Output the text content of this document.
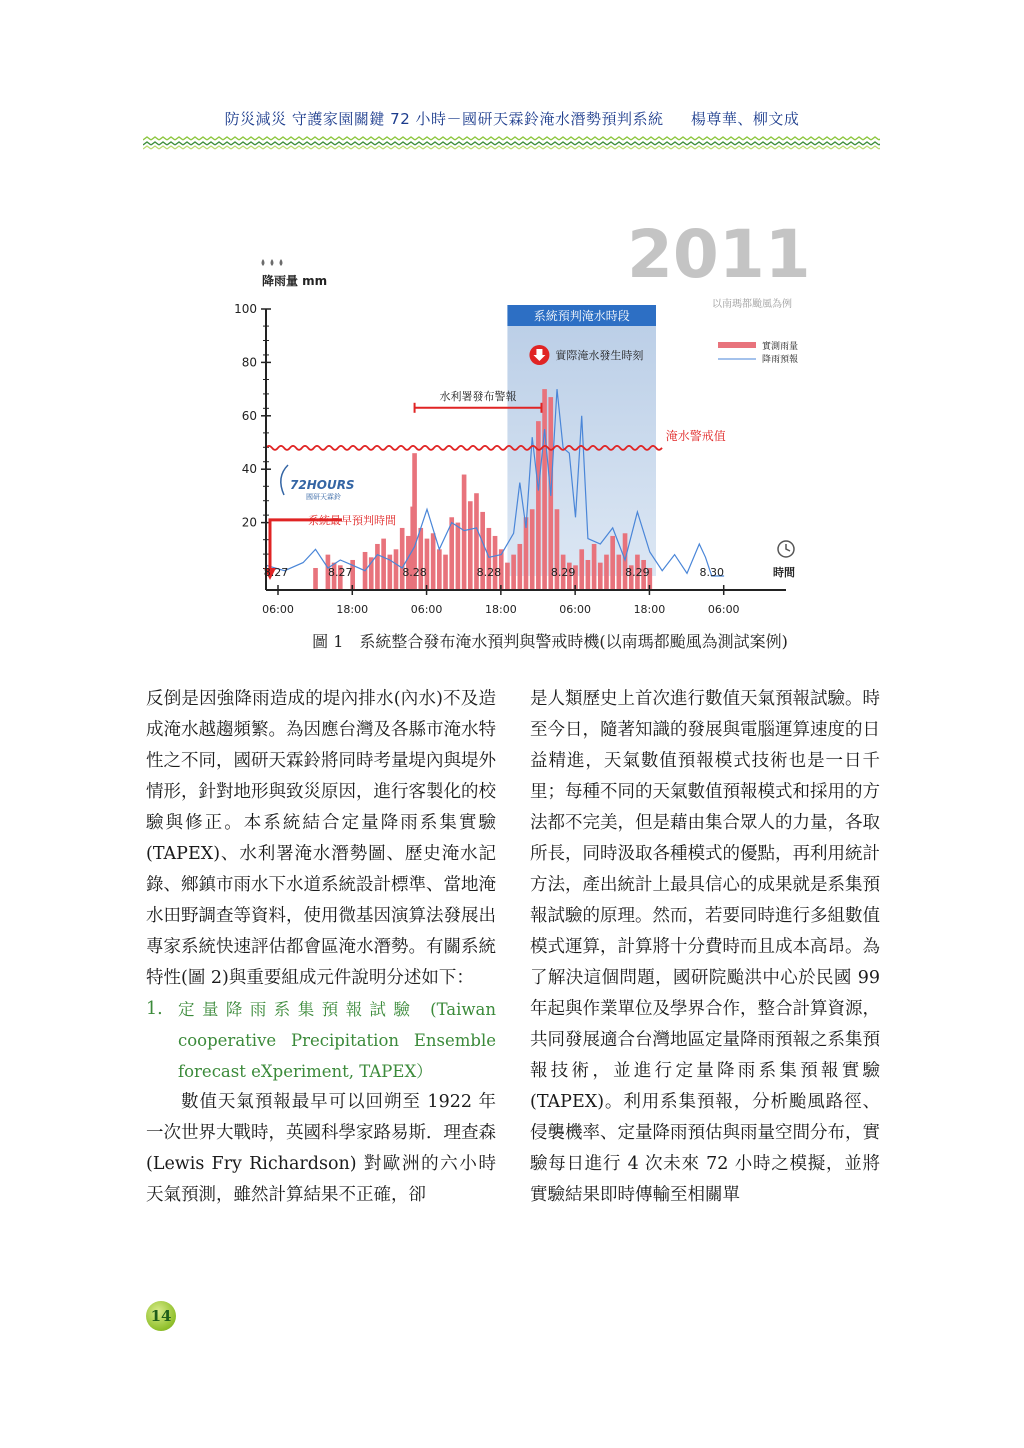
防災減災 守護家園關鍵 72 小時－國研天霖鈴淹水潛勢預判系統 楊尊華、柳文成
系統預判淹水時段
2011
以南瑪都颱風為例
降雨量 mm
100
80
60
40
20
淹水警戒值
水利署發布警報
實際淹水發生時刻
實測雨量
降雨預報
72HOURS
國研天霖鈴
系統最早預判時間
8.27	8.27	8.28	8.28	8.29	8.29	8.30
06:00	18:00	06:00	18:00	06:00	18:00	06:00
時間
圖 1　系統整合發布淹水預判與警戒時機(以南瑪都颱風為測試案例)

反倒是因強降雨造成的堤內排水(內水)不及造成淹水越趨頻繁。為因應台灣及各縣市淹水特性之不同，國研天霖鈴將同時考量堤內與堤外情形，針對地形與致災原因，進行客製化的校驗與修正。本系統結合定量降雨系集實驗 (TAPEX)、水利署淹水潛勢圖、歷史淹水記錄、鄉鎮市雨水下水道系統設計標準、當地淹水田野調查等資料，使用微基因演算法發展出專家系統快速評估都會區淹水潛勢。有關系統特性(圖 2)與重要組成元件說明分述如下：

1. 定量降雨系集預報試驗 (Taiwan cooperative Precipitation Ensemble forecast eXperiment, TAPEX）

數值天氣預報最早可以回朔至 1922 年一次世界大戰時，英國科學家路易斯．理查森 (Lewis Fry Richardson) 對歐洲的六小時天氣預測，雖然計算結果不正確，卻

是人類歷史上首次進行數值天氣預報試驗。時至今日，隨著知識的發展與電腦運算速度的日益精進，天氣數值預報模式技術也是一日千里；每種不同的天氣數值預報模式和採用的方法都不完美，但是藉由集合眾人的力量，各取所長，同時汲取各種模式的優點，再利用統計方法，產出統計上最具信心的成果就是系集預報試驗的原理。然而，若要同時進行多組數值模式運算，計算將十分費時而且成本高昂。為了解決這個問題，國研院颱洪中心於民國 99 年起與作業單位及學界合作，整合計算資源，共同發展適合台灣地區定量降雨預報之系集預報技術，並進行定量降雨系集預報實驗(TAPEX)。利用系集預報，分析颱風路徑、侵襲機率、定量降雨預估與雨量空間分布，實驗每日進行 4 次未來 72 小時之模擬，並將實驗結果即時傳輸至相關單

14
